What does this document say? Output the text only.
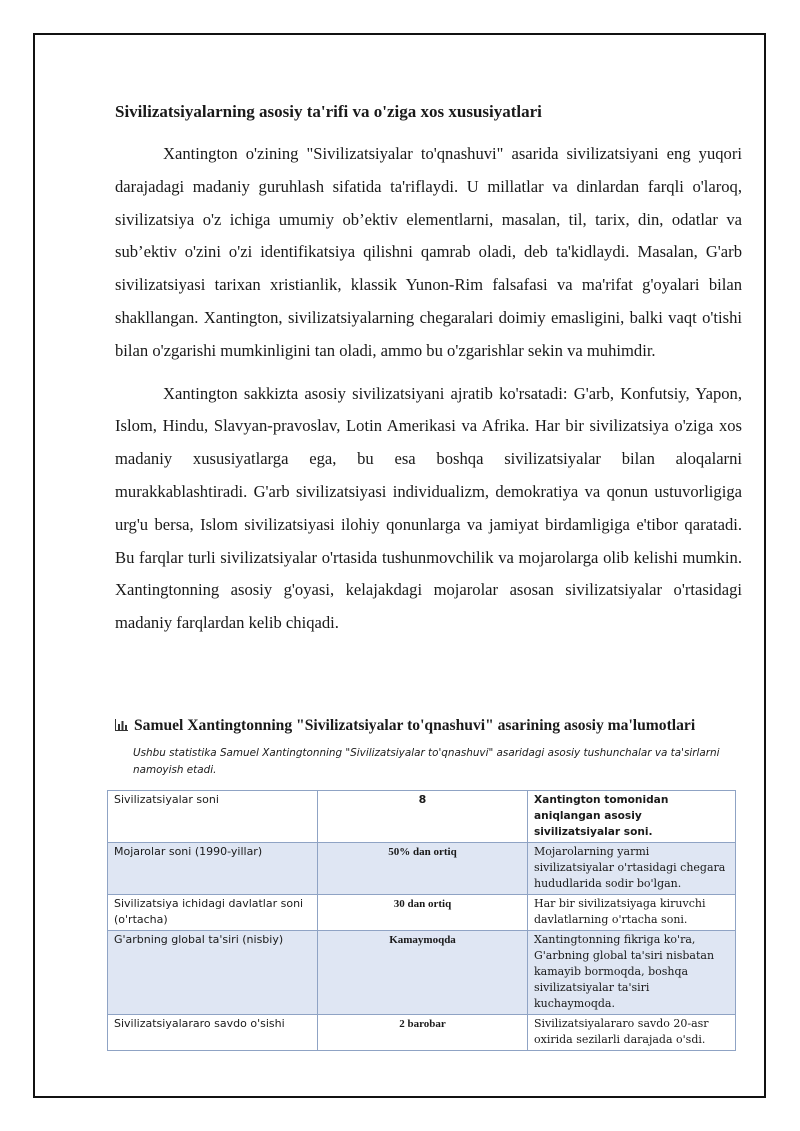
Sivilizatsiyalarning asosiy ta'rifi va o'ziga xos xususiyatlari

Xantington o'zining "Sivilizatsiyalar to'qnashuvi" asarida sivilizatsiyani eng yuqori darajadagi madaniy guruhlash sifatida ta'riflaydi. U millatlar va dinlardan farqli o'laroq, sivilizatsiya o'z ichiga umumiy ob’ektiv elementlarni, masalan, til, tarix, din, odatlar va sub’ektiv o'zini o'zi identifikatsiya qilishni qamrab oladi, deb ta'kidlaydi. Masalan, G'arb sivilizatsiyasi tarixan xristianlik, klassik Yunon-Rim falsafasi va ma'rifat g'oyalari bilan shakllangan. Xantington, sivilizatsiyalarning chegaralari doimiy emasligini, balki vaqt o'tishi bilan o'zgarishi mumkinligini tan oladi, ammo bu o'zgarishlar sekin va muhimdir.

Xantington sakkizta asosiy sivilizatsiyani ajratib ko'rsatadi: G'arb, Konfutsiy, Yapon, Islom, Hindu, Slavyan-pravoslav, Lotin Amerikasi va Afrika. Har bir sivilizatsiya o'ziga xos madaniy xususiyatlarga ega, bu esa boshqa sivilizatsiyalar bilan aloqalarni murakkablashtiradi. G'arb sivilizatsiyasi individualizm, demokratiya va qonun ustuvorligiga urg'u bersa, Islom sivilizatsiyasi ilohiy qonunlarga va jamiyat birdamligiga e'tibor qaratadi. Bu farqlar turli sivilizatsiyalar o'rtasida tushunmovchilik va mojarolarga olib kelishi mumkin. Xantingtonning asosiy g'oyasi, kelajakdagi mojarolar asosan sivilizatsiyalar o'rtasidagi madaniy farqlardan kelib chiqadi.

Samuel Xantingtonning "Sivilizatsiyalar to'qnashuvi" asarining asosiy ma'lumotlari
Ushbu statistika Samuel Xantingtonning "Sivilizatsiyalar to'qnashuvi" asaridagi asosiy tushunchalar va ta'sirlarni namoyish etadi.
Sivilizatsiyalar soni	8	Xantington tomonidan aniqlangan asosiy sivilizatsiyalar soni.
Mojarolar soni (1990-yillar)	50% dan ortiq	Mojarolarning yarmi sivilizatsiyalar o'rtasidagi chegara hududlarida sodir bo'lgan.
Sivilizatsiya ichidagi davlatlar soni (o'rtacha)	30 dan ortiq	Har bir sivilizatsiyaga kiruvchi davlatlarning o'rtacha soni.
G'arbning global ta'siri (nisbiy)	Kamaymoqda	Xantingtonning fikriga ko'ra, G'arbning global ta'siri nisbatan kamayib bormoqda, boshqa sivilizatsiyalar ta'siri kuchaymoqda.
Sivilizatsiyalararo savdo o'sishi	2 barobar	Sivilizatsiyalararo savdo 20-asr oxirida sezilarli darajada o'sdi.
